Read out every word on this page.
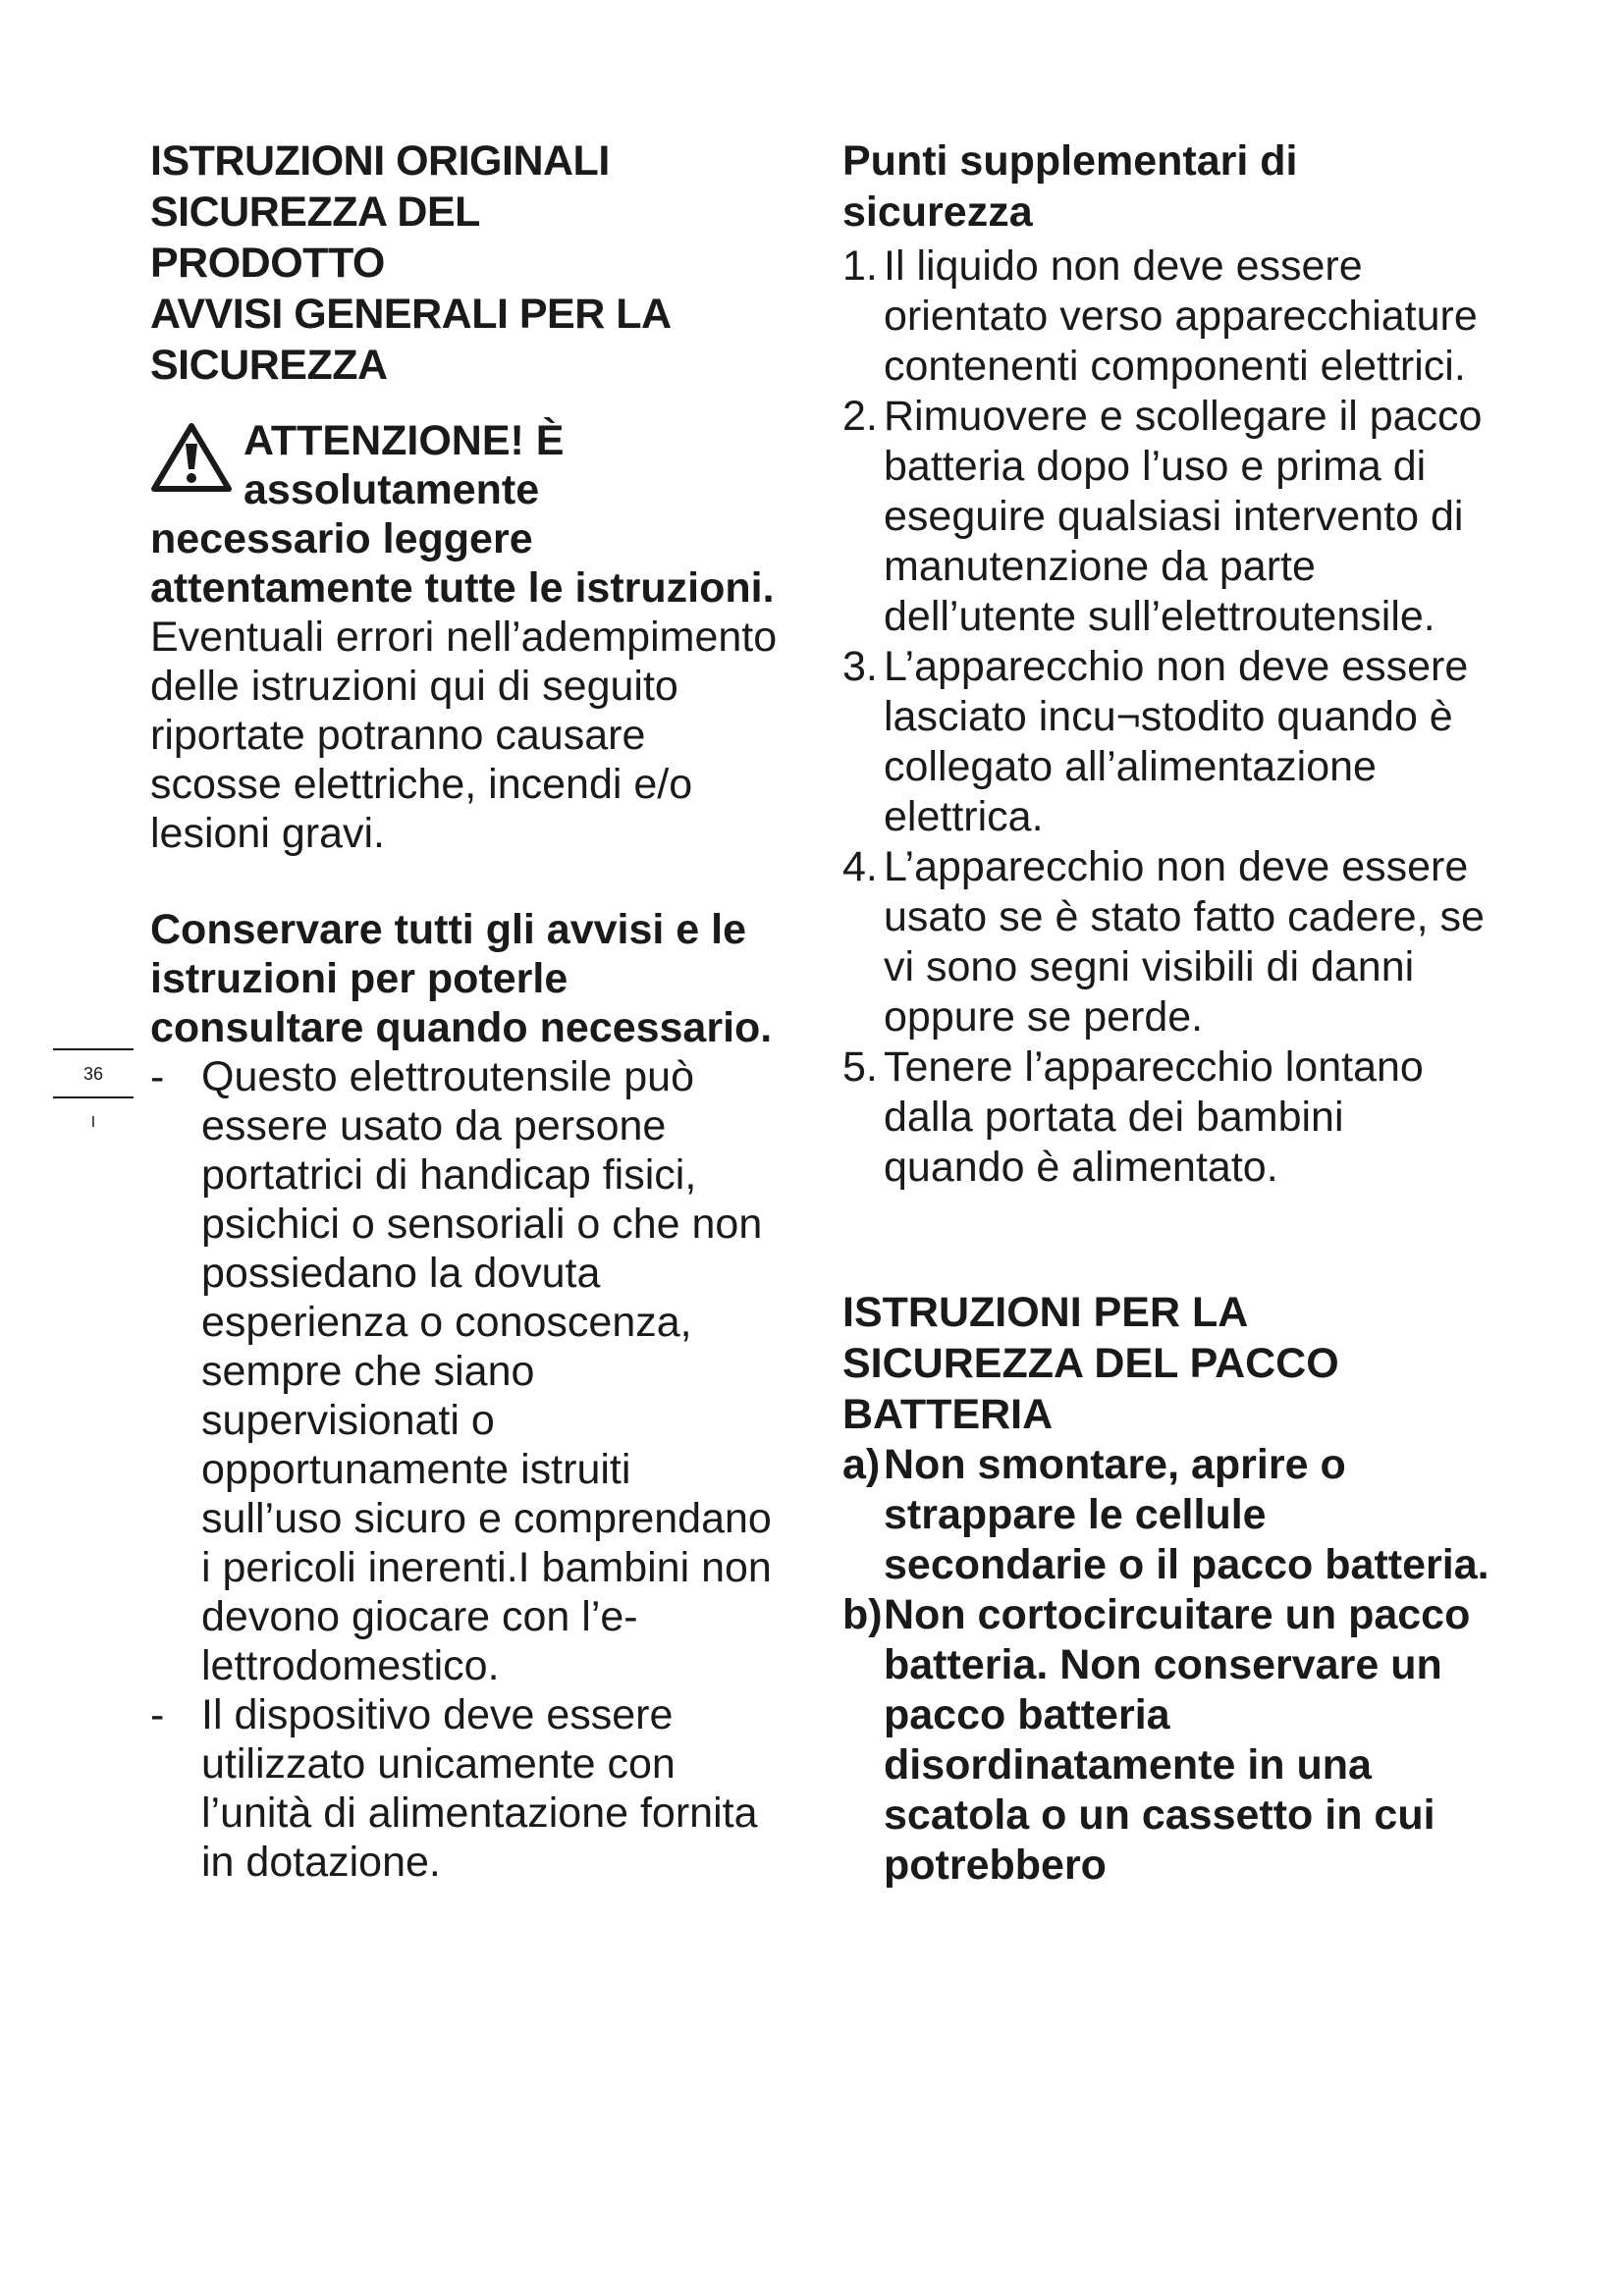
ISTRUZIONI ORIGINALI
SICUREZZA DEL
PRODOTTO
AVVISI GENERALI PER LA
SICUREZZA
ATTENZIONE! È
assolutamente
necessario leggere attentamente tutte le istruzioni. Eventuali errori nell’adempimento delle istruzioni qui di seguito riportate potranno causare scosse elettriche, incendi e/o lesioni gravi.
Conservare tutti gli avvisi e le istruzioni per poterle consultare quando necessario.
- Questo elettroutensile può essere usato da persone portatrici di handicap fisici, psichici o sensoriali o che non possiedano la dovuta esperienza o conoscenza, sempre che siano supervisionati o opportunamente istruiti sull’uso sicuro e comprendano i pericoli inerenti.I bambini non devono giocare con l’e-lettrodomestico.
- Il dispositivo deve essere utilizzato unicamente con l’unità di alimentazione fornita in dotazione.
Punti supplementari di sicurezza
1. Il liquido non deve essere orientato verso apparecchiature contenenti componenti elettrici.
2. Rimuovere e scollegare il pacco batteria dopo l’uso e prima di eseguire qualsiasi intervento di manutenzione da parte dell’utente sull’elettroutensile.
3. L’apparecchio non deve essere lasciato incu¬stodito quando è collegato all’alimentazione elettrica.
4. L’apparecchio non deve essere usato se è stato fatto cadere, se vi sono segni visibili di danni oppure se perde.
5. Tenere l’apparecchio lontano dalla portata dei bambini quando è alimentato.
ISTRUZIONI PER LA
SICUREZZA DEL PACCO
BATTERIA
a) Non smontare, aprire o strappare le cellule secondarie o il pacco batteria.
b) Non cortocircuitare un pacco batteria. Non conservare un pacco batteria disordinatamente in una scatola o un cassetto in cui potrebbero
36
I
